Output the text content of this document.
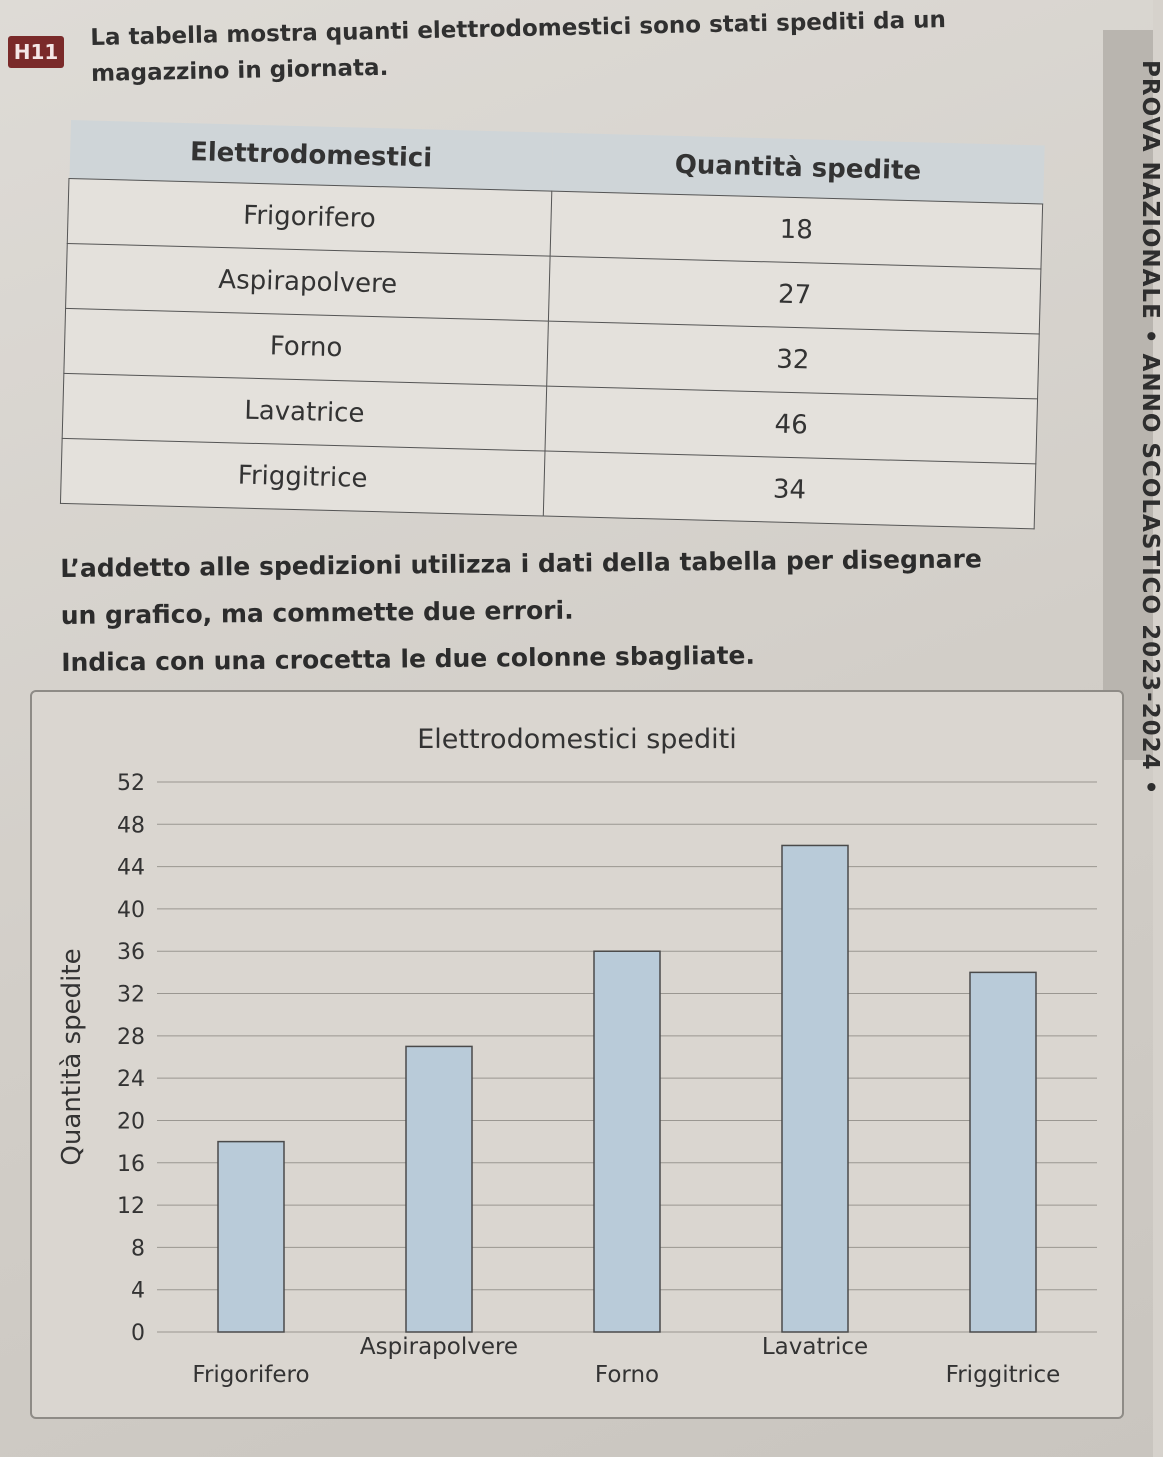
H11
La tabella mostra quanti elettrodomestici sono stati spediti da un magazzino in giornata.	PROVA NAZIONALE • ANNO SCOLASTICO 2023-2024 •
Elettrodomestici	Quantità spedite
Frigorifero	18
Aspirapolvere	27
Forno	32
Lavatrice	46
Friggitrice	34
L’addetto alle spedizioni utilizza i dati della tabella per disegnare
un grafico, ma commette due errori.
Indica con una crocetta le due colonne sbagliate.
Elettrodomestici spediti
0
4
8
12
16
20
24
28
32
36
40
44
48
52
Quantità spedite
Frigorifero
Aspirapolvere
Forno
Lavatrice
Friggitrice
